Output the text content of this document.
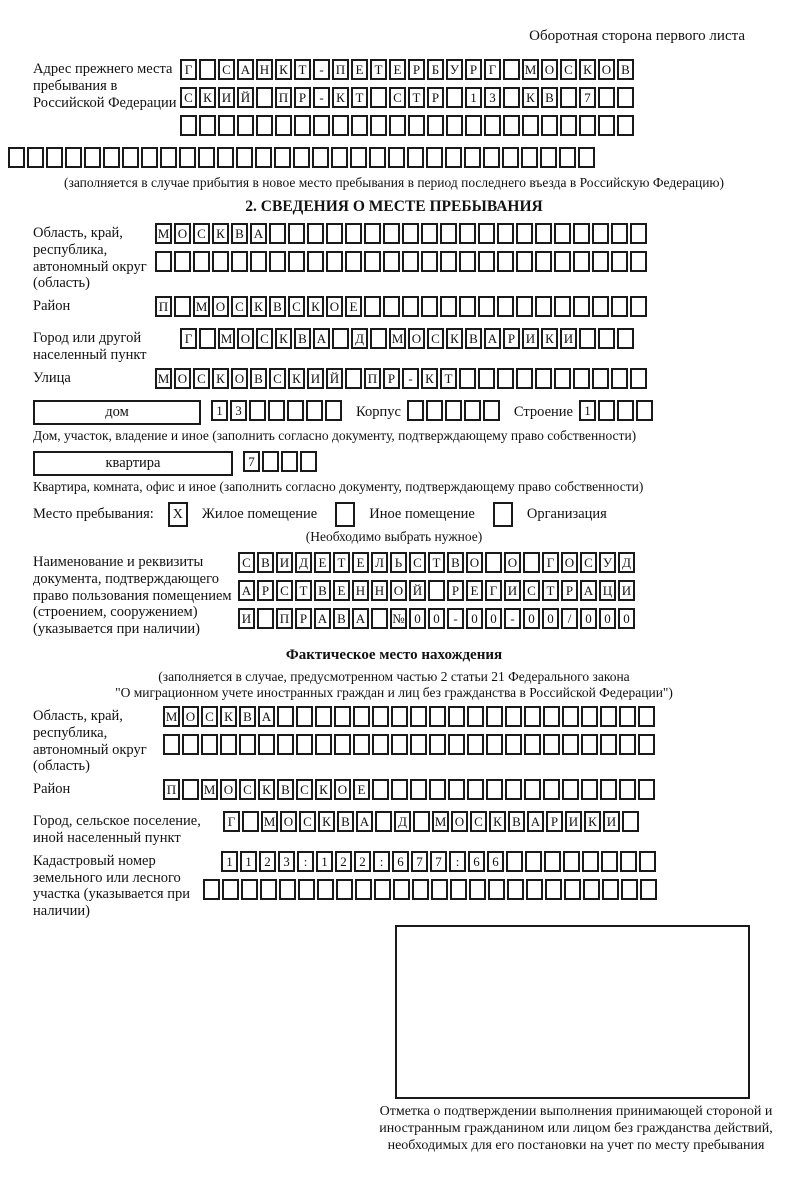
Оборотная сторона первого листа
Адрес прежнего места пребывания в Российской Федерации
Г С А Н К Т - П Е Т Е Р Б У Р Г М О С К О В
С К И Й П Р - К Т С Т Р 1 3 К В 7
(заполняется в случае прибытия в новое место пребывания в период последнего въезда в Российскую Федерацию)
2. СВЕДЕНИЯ О МЕСТЕ ПРЕБЫВАНИЯ
Область, край, республика, автономный округ (область)
М О С К В А
Район	П М О С К В С К О Е
Город или другой населенный пункт
Г М О С К В А Д М О С К В А Р И К И
Улица	М О С К О В С К И Й П Р - К Т
дом	1 3	Корпус	Строение 1
Дом, участок, владение и иное (заполнить согласно документу, подтверждающему право собственности)
квартира	7
Квартира, комната, офис и иное (заполнить согласно документу, подтверждающему право собственности)
Место пребывания:	X	Жилое помещение	Иное помещение	Организация
(Необходимо выбрать нужное)
Наименование и реквизиты документа, подтверждающего право пользования помещением (строением, сооружением) (указывается при наличии)
С В И Д Е Т Е Л Ь С Т В О О Г О С У Д
А Р С Т В Е Н Н О Й Р Е Г И С Т Р А Ц И
И П Р А В А № 0 0 - 0 0 - 0 0 / 0 0 0
Фактическое место нахождения
(заполняется в случае, предусмотренном частью 2 статьи 21 Федерального закона
"О миграционном учете иностранных граждан и лиц без гражданства в Российской Федерации")
Область, край, республика, автономный округ (область)
М О С К В А
Район	П М О С К В С К О Е
Город, сельское поселение, иной населенный пункт
Г М О С К В А Д М О С К В А Р И К И
Кадастровый номер земельного или лесного участка (указывается при наличии)
1 1 2 3 : 1 2 2 : 6 7 7 : 6 6
Отметка о подтверждении выполнения принимающей стороной и иностранным гражданином или лицом без гражданства действий, необходимых для его постановки на учет по месту пребывания
